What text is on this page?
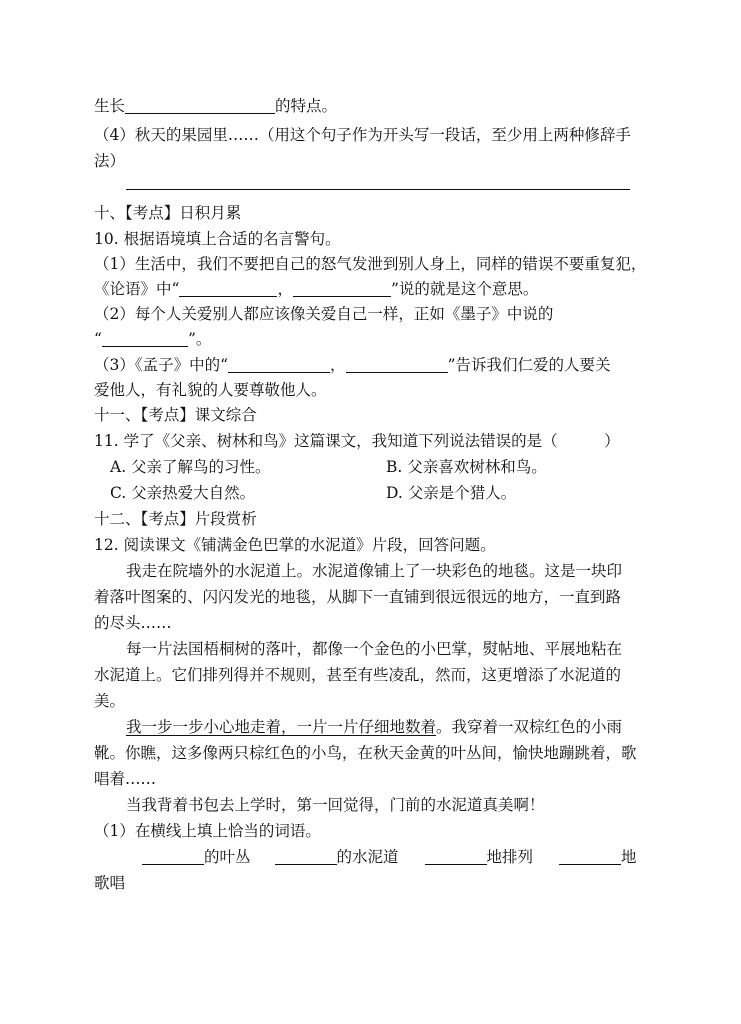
生长	的特点。
（4）秋天的果园里……（用这个句子作为开头写一段话，至少用上两种修辞手
法）
十、【考点】日积月累
10. 根据语境填上合适的名言警句。
（1）生活中，我们不要把自己的怒气发泄到别人身上，同样的错误不要重复犯，
《论语》中“	，	”说的就是这个意思。
（2）每个人关爱别人都应该像关爱自己一样，正如《墨子》中说的
“	”。
（3）《孟子》中的“	，	”告诉我们仁爱的人要关
爱他人，有礼貌的人要尊敬他人。
十一、【考点】课文综合
11. 学了《父亲、树林和鸟》这篇课文，我知道下列说法错误的是（　　　）
A. 父亲了解鸟的习性。	B. 父亲喜欢树林和鸟。
C. 父亲热爱大自然。	D. 父亲是个猎人。
十二、【考点】片段赏析
12. 阅读课文《铺满金色巴掌的水泥道》片段，回答问题。
我走在院墙外的水泥道上。水泥道像铺上了一块彩色的地毯。这是一块印
着落叶图案的、闪闪发光的地毯，从脚下一直铺到很远很远的地方，一直到路
的尽头……
每一片法国梧桐树的落叶，都像一个金色的小巴掌，熨帖地、平展地粘在
水泥道上。它们排列得并不规则，甚至有些凌乱，然而，这更增添了水泥道的
美。
我一步一步小心地走着，一片一片仔细地数着。我穿着一双棕红色的小雨
靴。你瞧，这多像两只棕红色的小鸟，在秋天金黄的叶丛间，愉快地蹦跳着，歌
唱着……
当我背着书包去上学时，第一回觉得，门前的水泥道真美啊！
（1）在横线上填上恰当的词语。
的叶丛	的水泥道	地排列	地
歌唱
